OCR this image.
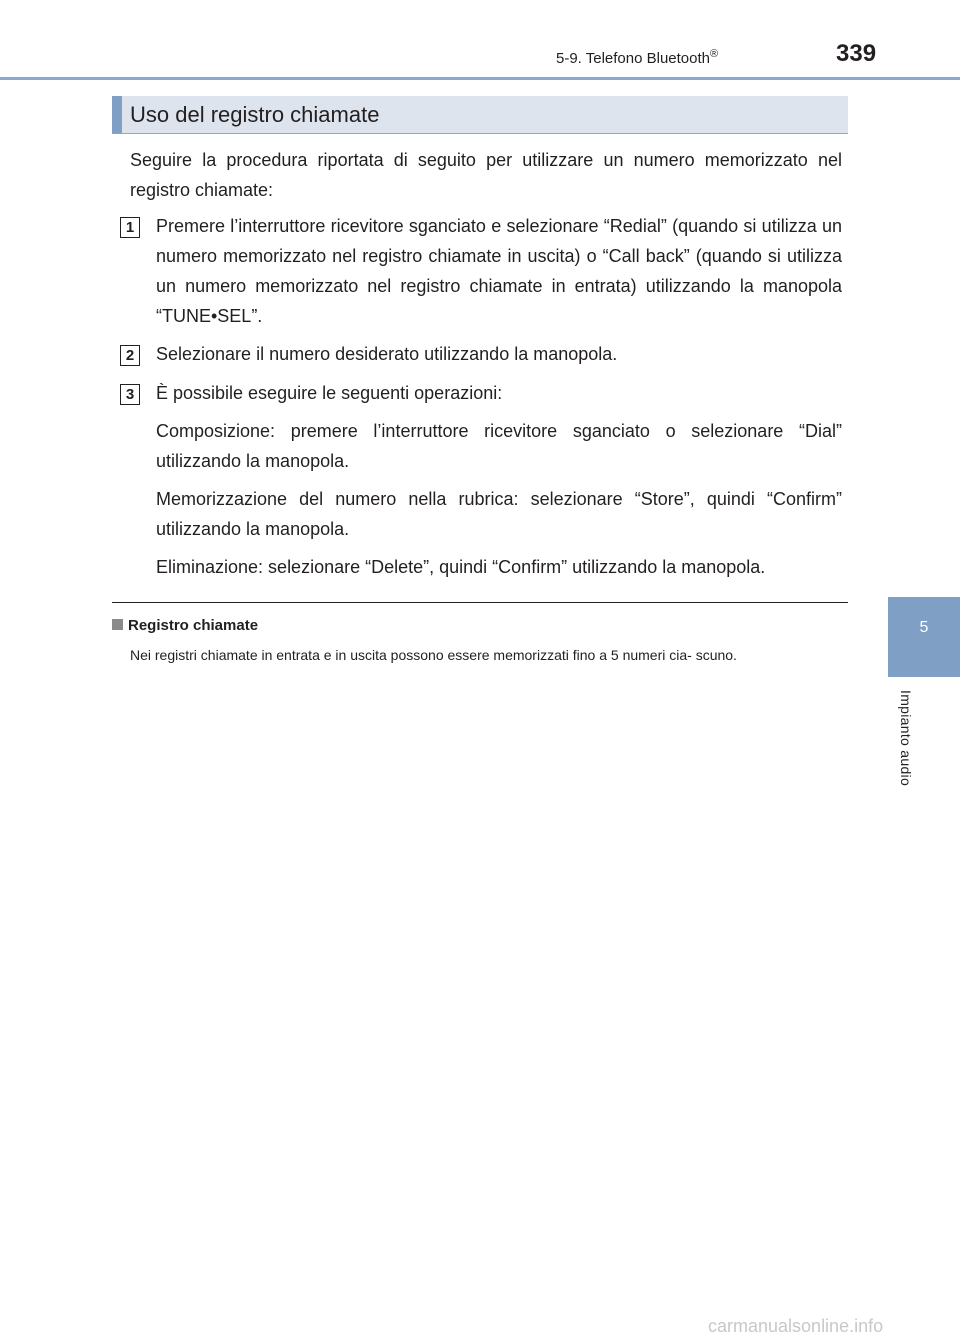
5-9. Telefono Bluetooth®	339
5
Impianto audio
Uso del registro chiamate
Seguire la procedura riportata di seguito per utilizzare un numero memorizzato nel registro chiamate:
1	Premere l’interruttore ricevitore sganciato e selezionare “Redial” (quando si utilizza un numero memorizzato nel registro chiamate in uscita) o “Call back” (quando si utilizza un numero memorizzato nel registro chiamate in entrata) utilizzando la manopola “TUNE•SEL”.
2	Selezionare il numero desiderato utilizzando la manopola.
3	È possibile eseguire le seguenti operazioni:
Composizione: premere l’interruttore ricevitore sganciato o selezionare “Dial” utilizzando la manopola.
Memorizzazione del numero nella rubrica: selezionare “Store”, quindi “Confirm” utilizzando la manopola.
Eliminazione: selezionare “Delete”, quindi “Confirm” utilizzando la manopola.
Registro chiamate
Nei registri chiamate in entrata e in uscita possono essere memorizzati fino a 5 numeri cia- scuno.
carmanualsonline.info
